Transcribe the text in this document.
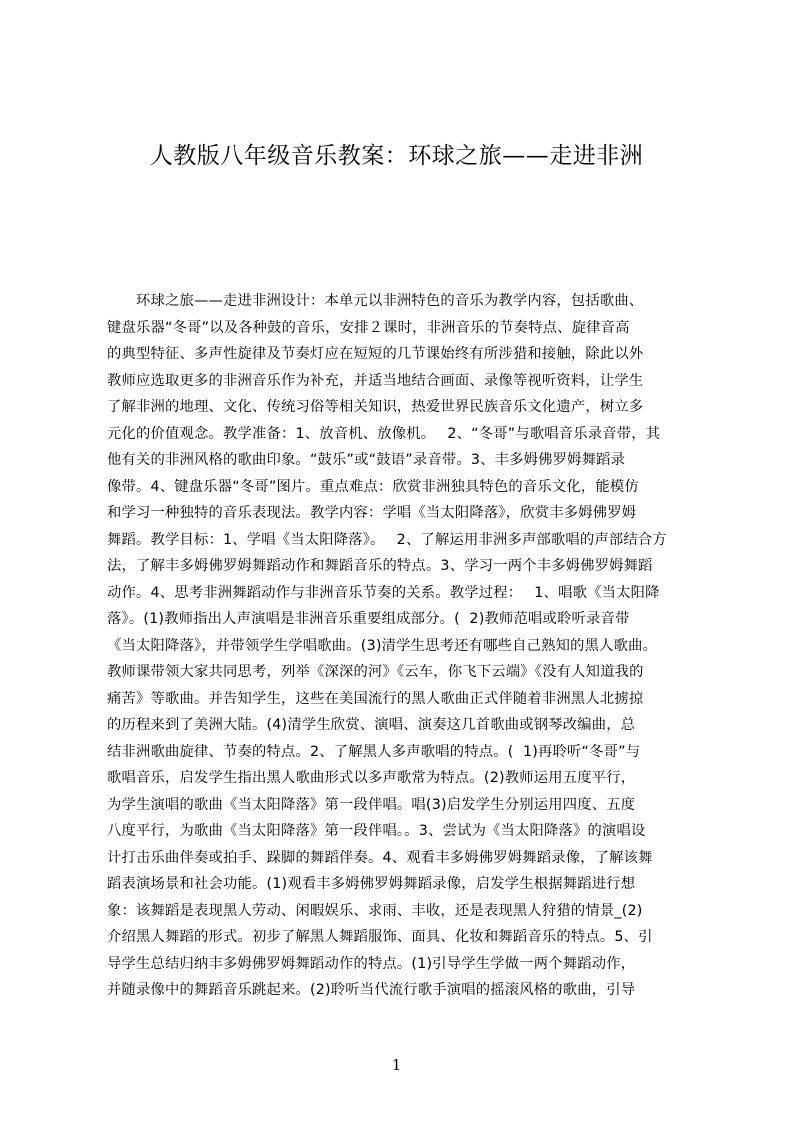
人教版八年级音乐教案：环球之旅——走进非洲
　　环球之旅——走进非洲设计：本单元以非洲特色的音乐为教学内容，包括歌曲、
键盘乐器“冬哥”以及各种鼓的音乐，安排２课时，非洲音乐的节奏特点、旋律音高
的典型特征、多声性旋律及节奏灯应在短短的几节课始终有所涉猎和接触，除此以外
教师应选取更多的非洲音乐作为补充，并适当地结合画面、录像等视听资料，让学生
了解非洲的地理、文化、传统习俗等相关知识，热爱世界民族音乐文化遗产，树立多
元化的价值观念。教学准备：1、放音机、放像机。　 2、“冬哥”与歌唱音乐录音带，其
他有关的非洲风格的歌曲印象。“鼓乐”或“鼓语”录音带。3、丰多姆佛罗姆舞蹈录
像带。4、键盘乐器“冬哥”图片。重点难点：欣赏非洲独具特色的音乐文化，能模仿
和学习一种独特的音乐表现法。教学内容：学唱《当太阳降落》，欣赏丰多姆佛罗姆
舞蹈。教学目标：1、学唱《当太阳降落》。　 2、了解运用非洲多声部歌唱的声部结合方
法，了解丰多姆佛罗姆舞蹈动作和舞蹈音乐的特点。3、学习一两个丰多姆佛罗姆舞蹈
动作。4、思考非洲舞蹈动作与非洲音乐节奏的关系。教学过程：　 1、唱歌《当太阳降
落》。(1)教师指出人声演唱是非洲音乐重要组成部分。(  2)教师范唱或聆听录音带
《当太阳降落》，并带领学生学唱歌曲。(3)清学生思考还有哪些自己熟知的黑人歌曲。
教师课带领大家共同思考，列举《深深的河》《云车，你飞下云端》《没有人知道我的
痛苦》等歌曲。并告知学生，这些在美国流行的黑人歌曲正式伴随着非洲黑人北掳掠
的历程来到了美洲大陆。(4)清学生欣赏、演唱、演奏这几首歌曲或钢琴改编曲，总
结非洲歌曲旋律、节奏的特点。2、了解黑人多声歌唱的特点。(  1)再聆听“冬哥”与
歌唱音乐，启发学生指出黑人歌曲形式以多声歌常为特点。(2)教师运用五度平行，
为学生演唱的歌曲《当太阳降落》第一段伴唱。唱(3)启发学生分别运用四度、五度
八度平行，为歌曲《当太阳降落》第一段伴唱。。3、尝试为《当太阳降落》的演唱设
计打击乐曲伴奏或拍手、跺脚的舞蹈伴奏。4、观看丰多姆佛罗姆舞蹈录像，了解该舞
蹈表演场景和社会功能。(1)观看丰多姆佛罗姆舞蹈录像，启发学生根据舞蹈进行想
象：该舞蹈是表现黑人劳动、闲暇娱乐、求雨、丰收，还是表现黑人狩猎的情景_(2)
介绍黑人舞蹈的形式。初步了解黑人舞蹈服饰、面具、化妆和舞蹈音乐的特点。5、引
导学生总结归纳丰多姆佛罗姆舞蹈动作的特点。(1)引导学生学做一两个舞蹈动作，
并随录像中的舞蹈音乐跳起来。(2)聆听当代流行歌手演唱的摇滚风格的歌曲，引导
1
